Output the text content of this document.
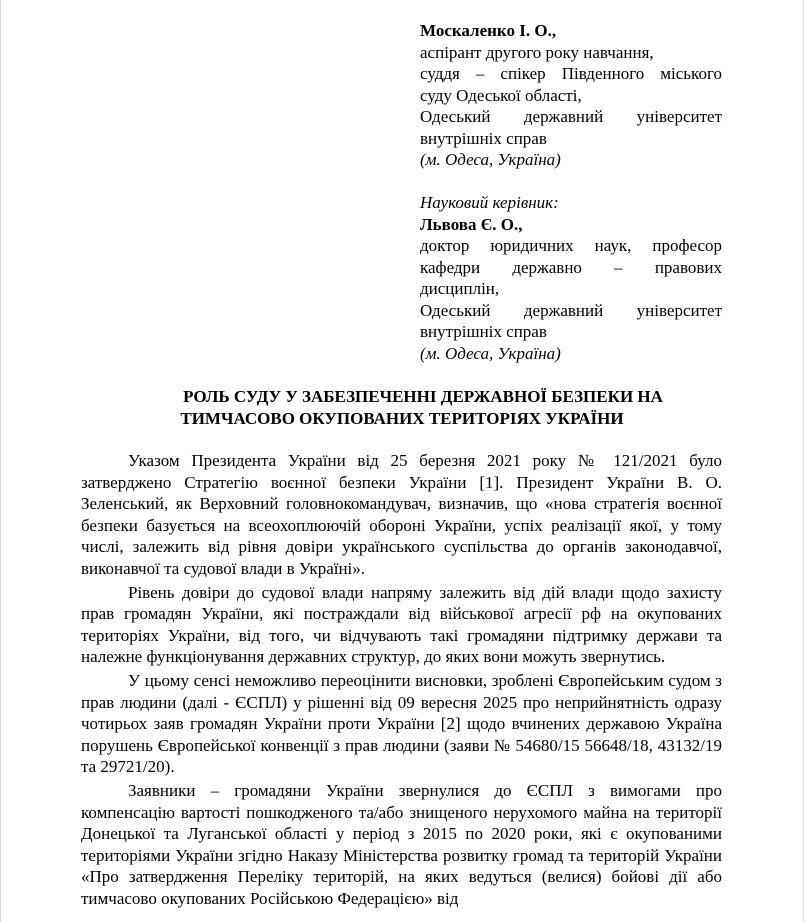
Москаленко І. О.,
аспірант другого року навчання,
суддя – спікер Південного міського
суду Одеської області,
Одеський державний університет
внутрішніх справ
(м. Одеса, Україна)
Науковий керівник:
Львова Є. О.,
доктор юридичних наук, професор
кафедри державно – правових
дисциплін,
Одеський державний університет
внутрішніх справ
(м. Одеса, Україна)
РОЛЬ СУДУ У ЗАБЕЗПЕЧЕННІ ДЕРЖАВНОЇ БЕЗПЕКИ НА
ТИМЧАСОВО ОКУПОВАНИХ ТЕРИТОРІЯХ УКРАЇНИ

Указом Президента України від 25 березня 2021 року № 121/2021 було затверджено Стратегію воєнної безпеки України [1]. Президент України В. О. Зеленський, як Верховний головнокомандувач, визначив, що «нова стратегія воєнної безпеки базується на всеохоплюючій обороні України, успіх реалізації якої, у тому числі, залежить від рівня довіри українського суспільства до органів законодавчої, виконавчої та судової влади в Україні».

Рівень довіри до судової влади напряму залежить від дій влади щодо захисту прав громадян України, які постраждали від військової агресії рф на окупованих територіях України, від того, чи відчувають такі громадяни підтримку держави та належне функціонування державних структур, до яких вони можуть звернутись.

У цьому сенсі неможливо переоцінити висновки, зроблені Європейським судом з прав людини (далі - ЄСПЛ) у рішенні від 09 вересня 2025 про неприйнятність одразу чотирьох заяв громадян України проти України [2] щодо вчинених державою Україна порушень Європейської конвенції з прав людини (заяви № 54680/15 56648/18, 43132/19 та 29721/20).

Заявники – громадяни України звернулися до ЄСПЛ з вимогами про компенсацію вартості пошкодженого та/або знищеного нерухомого майна на території Донецької та Луганської області у період з 2015 по 2020 роки, які є окупованими територіями України згідно Наказу Міністерства розвитку громад та територій України «Про затвердження Переліку територій, на яких ведуться (велися) бойові дії або тимчасово окупованих Російською Федерацією» від
